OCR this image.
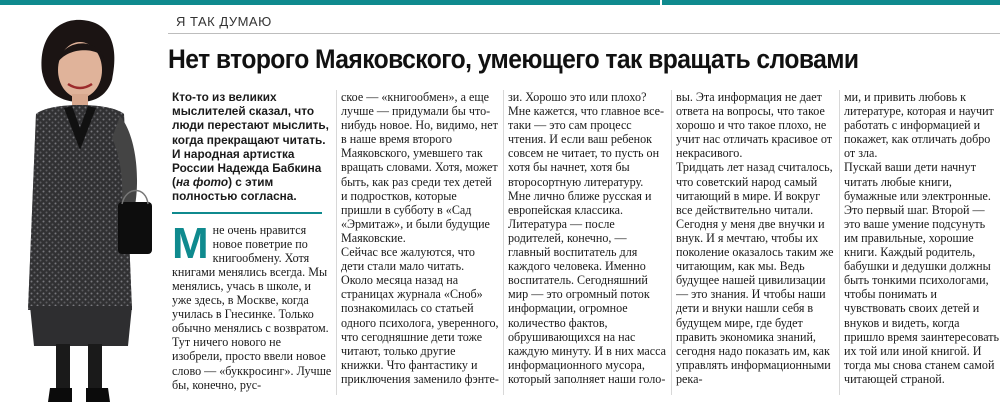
Я ТАК ДУМАЮ
Нет второго Маяковского, умеющего так вращать словами

Кто-то из великих мыслителей сказал, что люди перестают мыслить, когда прекращают читать. И народная артистка России Надежда Бабкина (на фото) с этим полностью согласна.

Мне очень нравится новое поветрие по книгообмену. Хотя книгами менялись всегда. Мы менялись, учась в школе, и уже здесь, в Москве, когда училась в Гнесинке. Только обычно менялись с возвратом. Тут ничего нового не изобрели, просто ввели новое слово — «буккросинг». Лучше бы, конечно, рус-

ское — «книгообмен», а еще лучше — придумали бы что-нибудь новое. Но, видимо, нет в наше время второго Маяковского, умевшего так вращать словами. Хотя, может быть, как раз среди тех детей и подростков, которые пришли в субботу в «Сад «Эрмитаж», и были будущие Маяковские.

Сейчас все жалуются, что дети стали мало читать. Около месяца назад на страницах журнала «Сноб» познакомилась со статьей одного психолога, уверенного, что сегодняшние дети тоже читают, только другие книжки. Что фантастику и приключения заменило фэнте-

зи. Хорошо это или плохо? Мне кажется, что главное все-таки — это сам процесс чтения. И если ваш ребенок совсем не читает, то пусть он хотя бы начнет, хотя бы второсортную литературу. Мне лично ближе русская и европейская классика.

Литература — после родителей, конечно, — главный воспитатель для каждого человека. Именно воспитатель. Сегодняшний мир — это огромный поток информации, огромное количество фактов, обрушивающихся на нас каждую минуту. И в них масса информационного мусора, который заполняет наши голо-

вы. Эта информация не дает ответа на вопросы, что такое хорошо и что такое плохо, не учит нас отличать красивое от некрасивого.

Тридцать лет назад считалось, что советский народ самый читающий в мире. И вокруг все действительно читали. Сегодня у меня две внучки и внук. И я мечтаю, чтобы их поколение оказалось таким же читающим, как мы. Ведь будущее нашей цивилизации — это знания. И чтобы наши дети и внуки нашли себя в будущем мире, где будет править экономика знаний, сегодня надо показать им, как управлять информационными река-

ми, и привить любовь к литературе, которая и научит работать с информацией и покажет, как отличать добро от зла.

Пускай ваши дети начнут читать любые книги, бумажные или электронные. Это первый шаг. Второй — это ваше умение подсунуть им правильные, хорошие книги. Каждый родитель, бабушки и дедушки должны быть тонкими психологами, чтобы понимать и чувствовать своих детей и внуков и видеть, когда пришло время заинтересовать их той или иной книгой. И тогда мы снова станем самой читающей страной.
